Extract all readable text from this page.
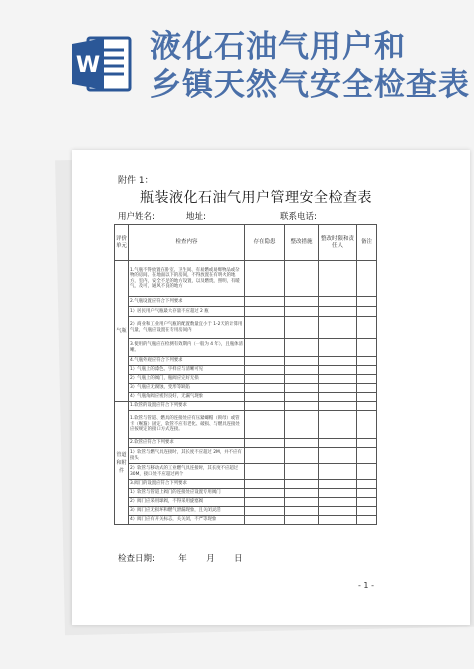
W
液化石油气用户和
乡镇天然气安全检查表
附件 1：
瓶装液化石油气用户管理安全检查表
用户姓名:	地址:	联系电话:
评价单元	检查内容	存在隐患	整改措施	整改时限和责任人	备注
气瓶	1.气瓶不得放置在卧室、卫生间、有易燃或易爆物品或杂物的房间、在地面以下的房间，不得放置在有明火的地方，室内，安全不足的地方设置，以及燃烧，照明，有暖气，及可，通风不良的地方				
	2.气瓶设置应符合下列要求				
	1）居民用户气瓶最大存量不应超过 2 瓶				
	2）商业和工业用户气瓶的配置数量宜小于 1-2天的计算用气量，气瓶应设置在专用房间内				
	3.使用的气瓶应在检测有效期内（一般为 4 年），且瓶体清晰。				
	4.气瓶外观应符合下列要求				
	1）气瓶上的漆色、字样应与清晰可见				
	2）气瓶上的阀门，瓶阀应完好无损				
	3）气瓶应无腐蚀，变形等缺陷				
	4）气瓶角阀应密封良好，无漏气现象				
管道和附件	1.软管的设置应符合下列要求				
	1.软管与管道、燃具的连接处应有压紧螺帽（锁母）或管卡（喉箍）固定，软管不应有老化、破损、与燃具连接处应按规定的接口方式连接。				
	2.软管应符合下列要求				
	1）软管与燃气具连接时，其长度不应超过 2M，并不应有接头				
	2）软管与移动式的工业燃气具连接时，其长度不应超过 30M，接口处不应超过两个				
	3.阀门的设置应符合下列要求				
	1）软管与管道上阀门的连接处应设置专用阀门				
	2）阀门应采用球阀，不得采用旋塞阀				
	3）阀门应无损坏和燃气泄漏现象，且关闭灵活				
	4）阀门应有开关标志，关关闭，不严等现象				
检查日期:	年 月 日
- 1 -
